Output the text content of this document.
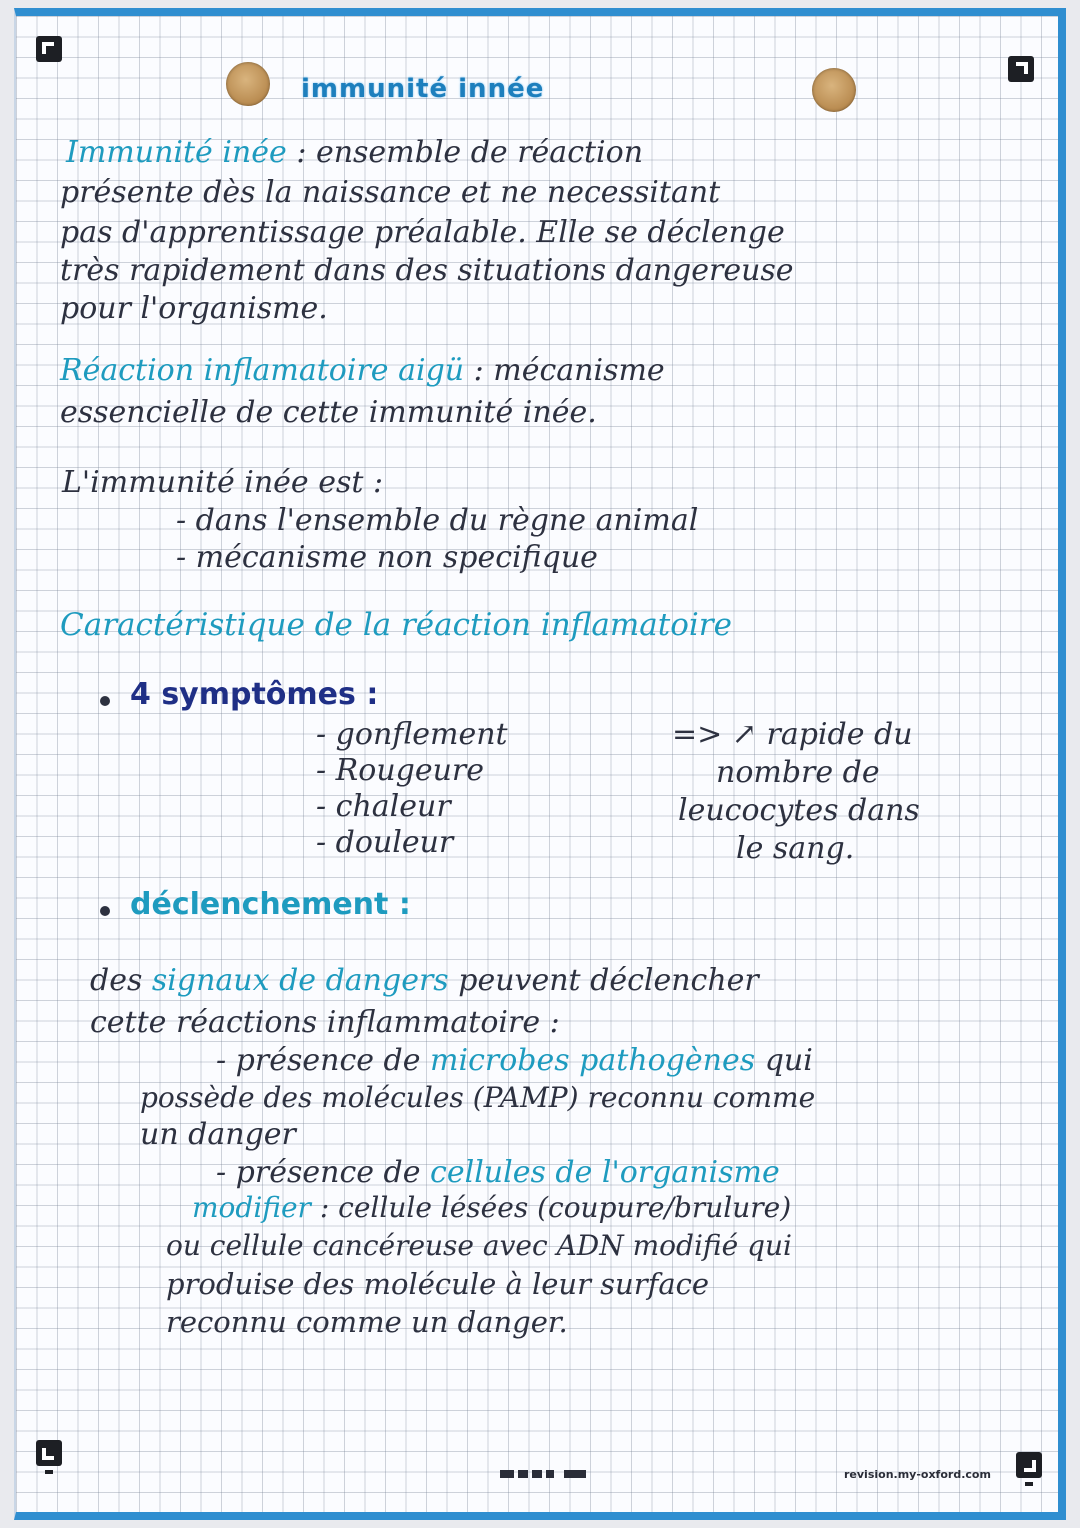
immunité innée
Immunité inée : ensemble de réaction
présente dès la naissance et ne necessitant
pas d'apprentissage préalable. Elle se déclenge
très rapidement dans des situations dangereuse
pour l'organisme.
Réaction inflamatoire aigü : mécanisme
essencielle de cette immunité inée.
L'immunité inée est :
- dans l'ensemble du règne animal
- mécanisme non specifique
Caractéristique de la réaction inflamatoire
4 symptômes :
- gonflement
- Rougeure
- chaleur
- douleur
=> ↗ rapide du
nombre de
leucocytes dans
le sang.
déclenchement :
des signaux de dangers peuvent déclencher
cette réactions inflammatoire :
- présence de microbes pathogènes qui
possède des molécules (PAMP) reconnu comme
un danger
- présence de cellules de l'organisme
modifier : cellule lésées (coupure/brulure)
ou cellule cancéreuse avec ADN modifié qui
produise des molécule à leur surface
reconnu comme un danger.
revision.my-oxford.com
